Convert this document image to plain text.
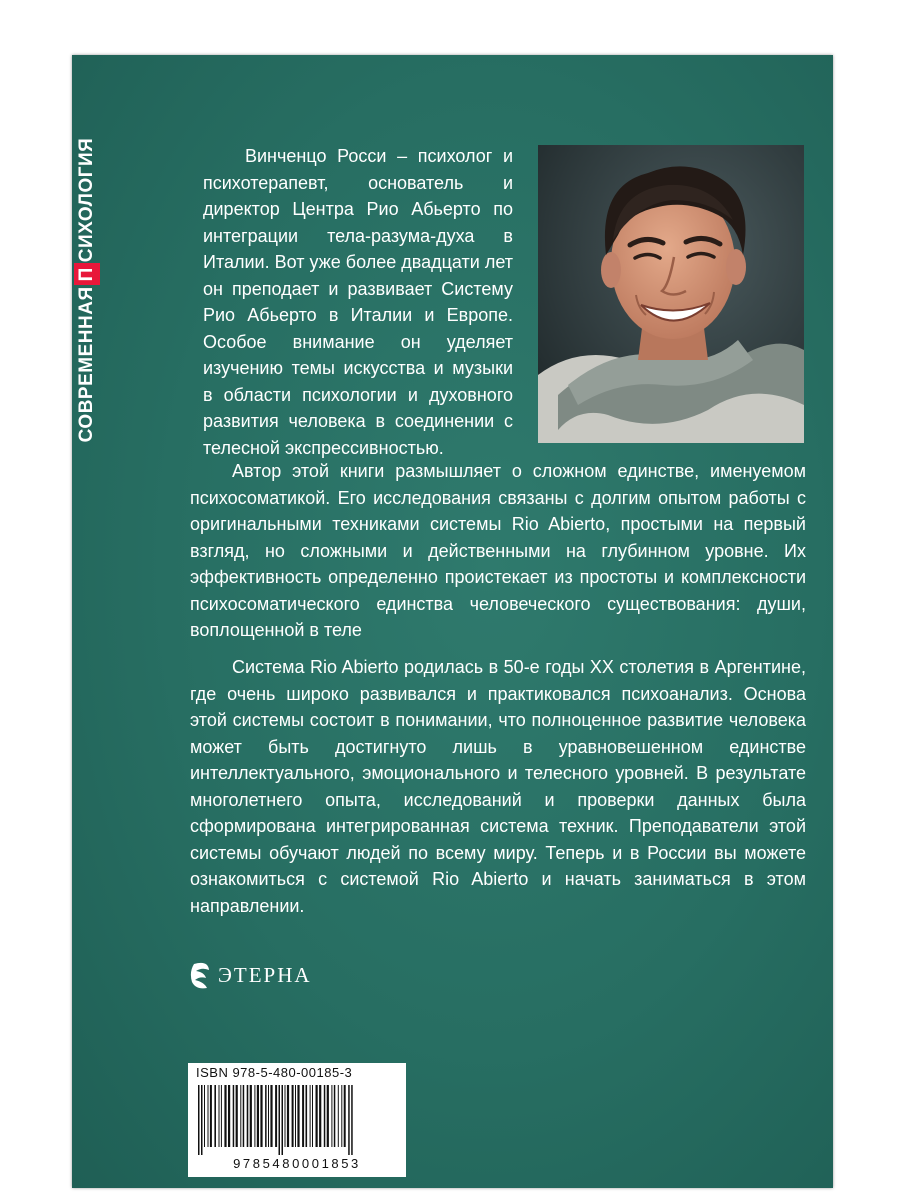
СОВРЕМЕННАЯ
П
СИХОЛОГИЯ	Винченцо Росси – психолог и психотерапевт, основатель и директор Центра Рио Абьерто по интеграции тела-разума-духа в Италии. Вот уже более двадцати лет он преподает и развивает Систему Рио Абьерто в Италии и Европе. Особое внимание он уделяет изучению темы искусства и музыки в области психологии и духовного развития человека в соединении с телесной экспрессивностью.

Автор этой книги размышляет о сложном единстве, именуемом психосоматикой. Его исследования связаны с долгим опытом работы с оригинальными техниками системы Rio Abierto, простыми на первый взгляд, но сложными и действенными на глубинном уровне. Их эффективность определенно проистекает из простоты и комплексности психосоматического единства человеческого существования: души, воплощенной в теле

Система Rio Abierto родилась в 50-е годы XX столетия в Аргентине, где очень широко развивался и практиковался психоанализ. Основа этой системы состоит в понимании, что полноценное развитие человека может быть достигнуто лишь в уравновешенном единстве интеллектуального, эмоционального и телесного уровней. В результате многолетнего опыта, исследований и проверки данных была сформирована интегрированная система техник. Преподаватели этой системы обучают людей по всему миру. Теперь и в России вы можете ознакомиться с системой Rio Abierto и начать заниматься в этом направлении.

ЭТЕРНА
ISBN 978-5-480-00185-3
9785480001853
